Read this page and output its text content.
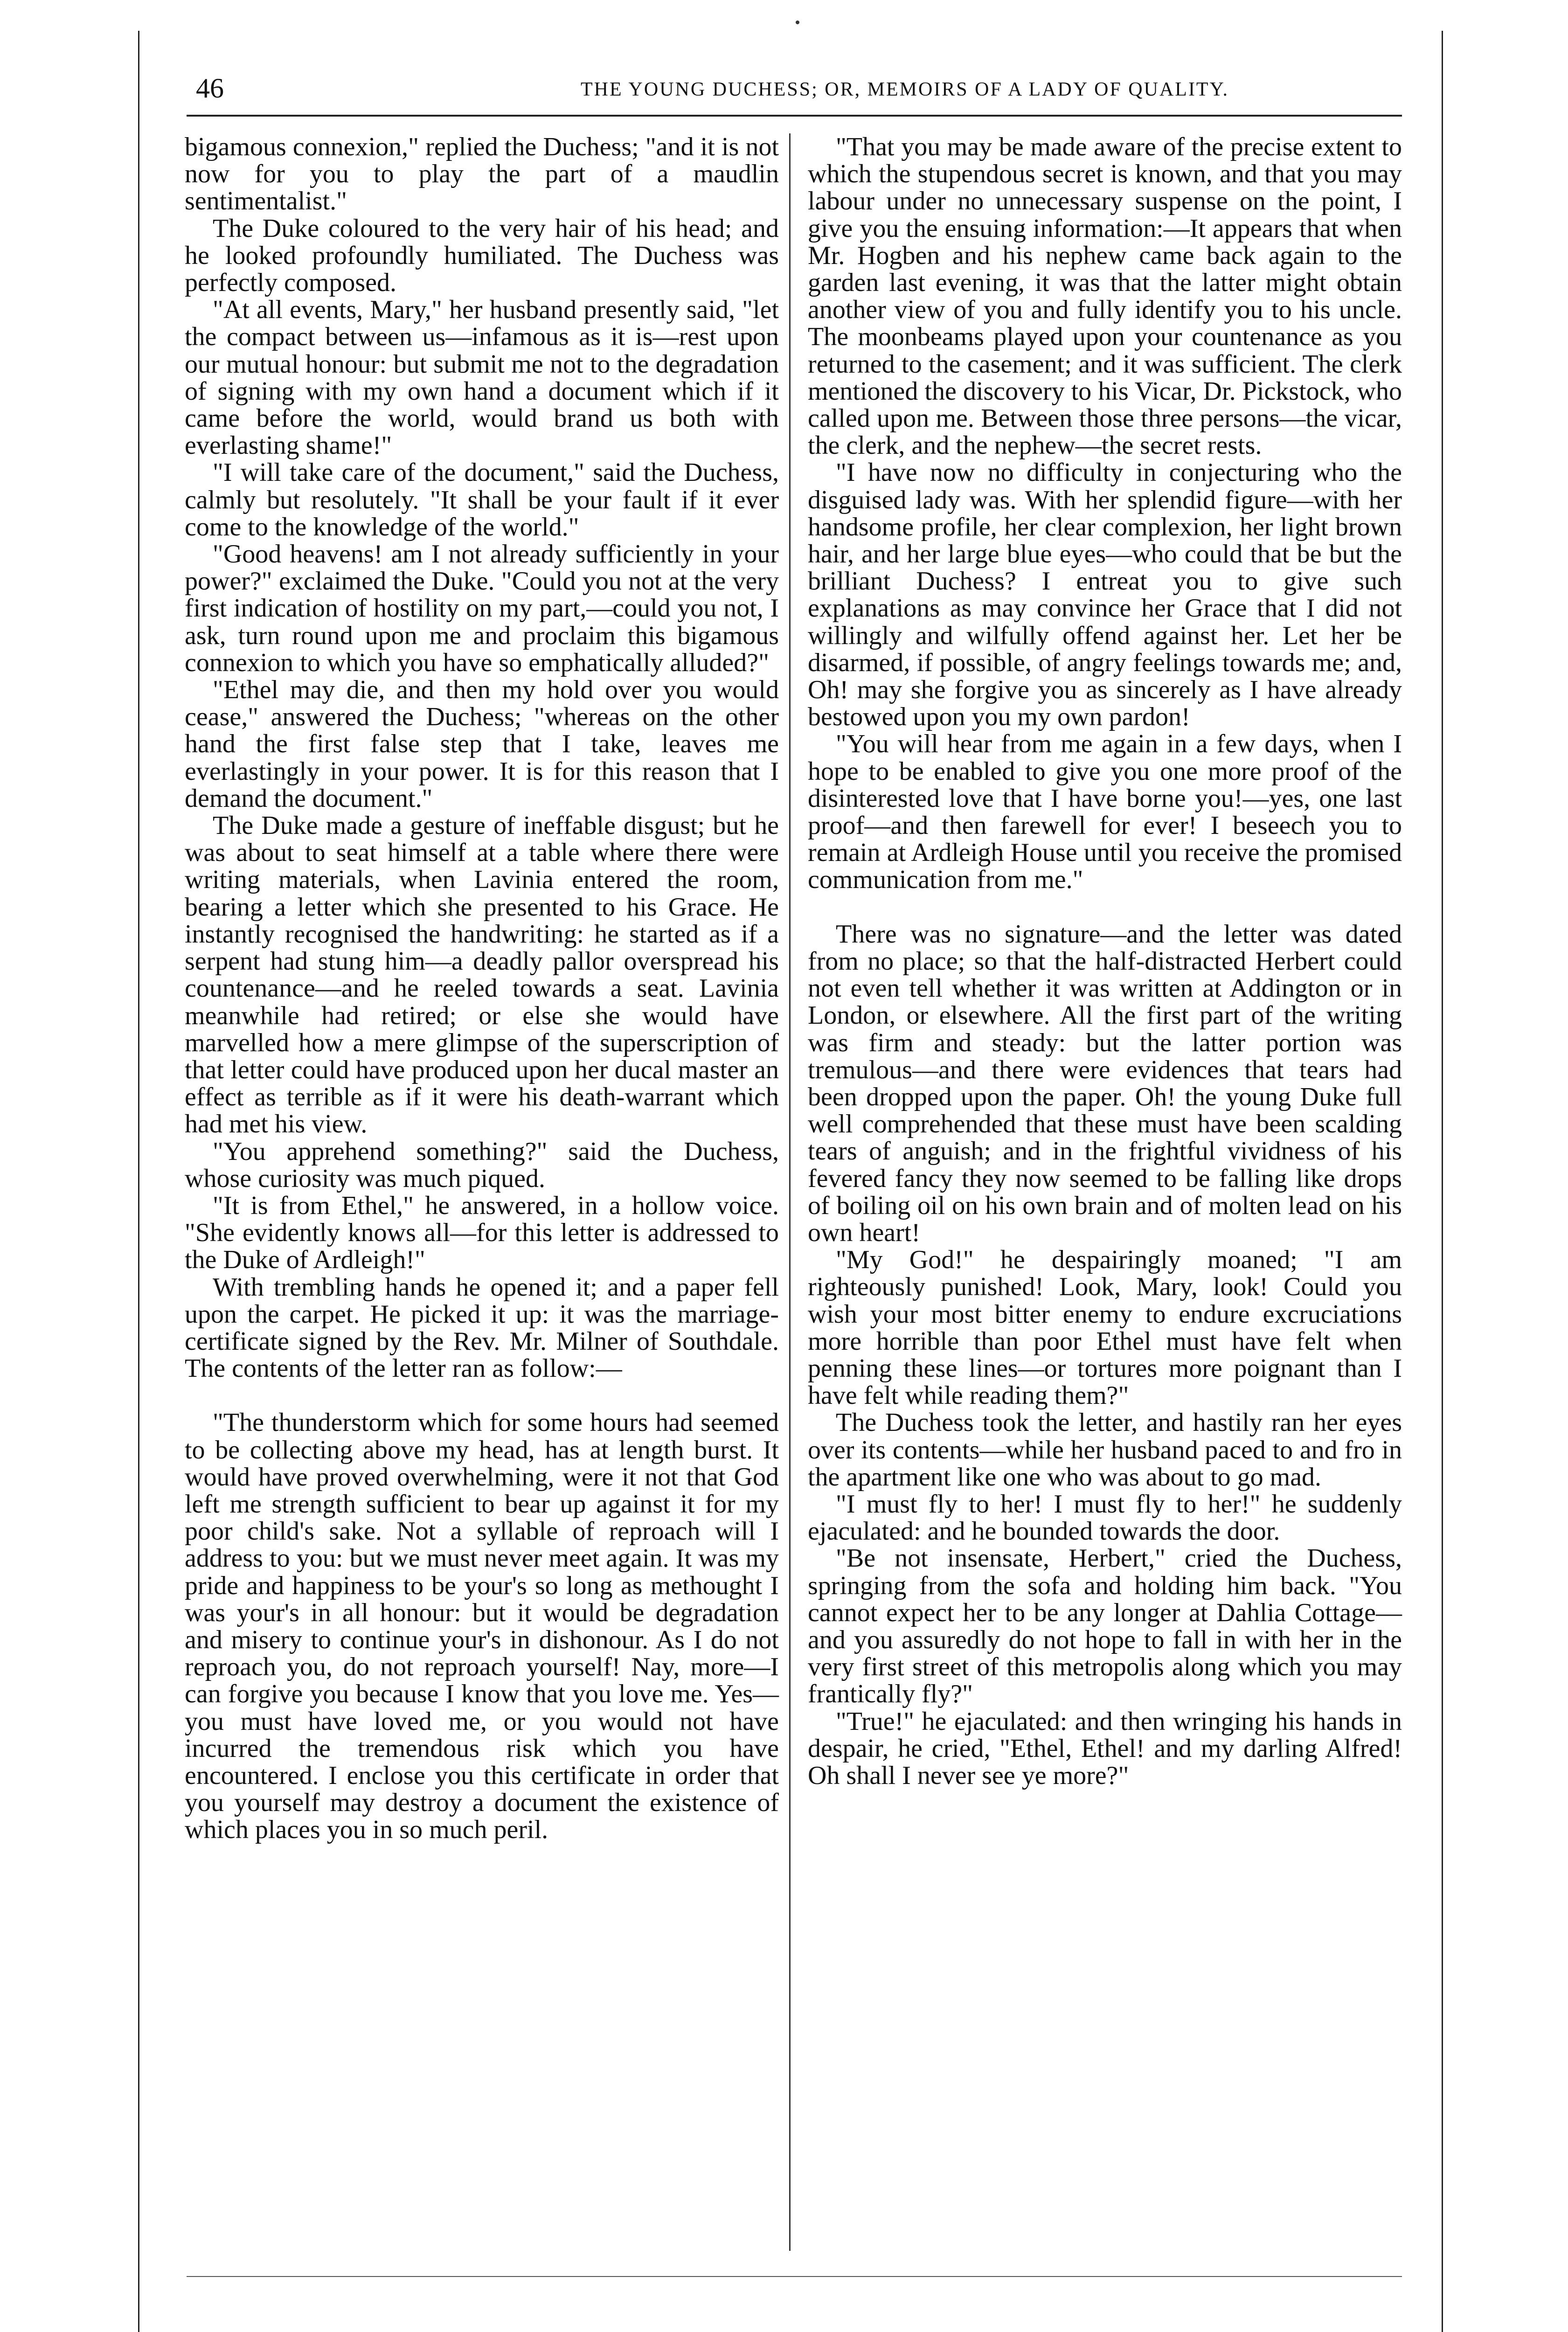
46	THE YOUNG DUCHESS; OR, MEMOIRS OF A LADY OF QUALITY.

bigamous connexion," replied the Duchess; "and it is not now for you to play the part of a maudlin sentimentalist."

The Duke coloured to the very hair of his head; and he looked profoundly humiliated. The Duchess was perfectly composed.

"At all events, Mary," her husband presently said, "let the compact between us—infamous as it is—rest upon our mutual honour: but submit me not to the degradation of signing with my own hand a document which if it came before the world, would brand us both with everlasting shame!"

"I will take care of the document," said the Duchess, calmly but resolutely. "It shall be your fault if it ever come to the knowledge of the world."

"Good heavens! am I not already sufficiently in your power?" exclaimed the Duke. "Could you not at the very first indication of hostility on my part,—could you not, I ask, turn round upon me and proclaim this bigamous connexion to which you have so emphatically alluded?"

"Ethel may die, and then my hold over you would cease," answered the Duchess; "whereas on the other hand the first false step that I take, leaves me everlastingly in your power. It is for this reason that I demand the document."

The Duke made a gesture of ineffable disgust; but he was about to seat himself at a table where there were writing materials, when Lavinia entered the room, bearing a letter which she presented to his Grace. He instantly recognised the handwriting: he started as if a serpent had stung him—a deadly pallor overspread his countenance—and he reeled towards a seat. Lavinia meanwhile had retired; or else she would have marvelled how a mere glimpse of the superscription of that letter could have produced upon her ducal master an effect as terrible as if it were his death-warrant which had met his view.

"You apprehend something?" said the Duchess, whose curiosity was much piqued.

"It is from Ethel," he answered, in a hollow voice. "She evidently knows all—for this letter is addressed to the Duke of Ardleigh!"

With trembling hands he opened it; and a paper fell upon the carpet. He picked it up: it was the marriage-certificate signed by the Rev. Mr. Milner of Southdale. The contents of the letter ran as follow:—

"The thunderstorm which for some hours had seemed to be collecting above my head, has at length burst. It would have proved overwhelming, were it not that God left me strength sufficient to bear up against it for my poor child's sake. Not a syllable of reproach will I address to you: but we must never meet again. It was my pride and happiness to be your's so long as methought I was your's in all honour: but it would be degradation and misery to continue your's in dishonour. As I do not reproach you, do not reproach yourself! Nay, more—I can forgive you because I know that you love me. Yes—you must have loved me, or you would not have incurred the tremendous risk which you have encountered. I enclose you this certificate in order that you yourself may destroy a document the existence of which places you in so much peril.

"That you may be made aware of the precise extent to which the stupendous secret is known, and that you may labour under no unnecessary suspense on the point, I give you the ensuing information:—It appears that when Mr. Hogben and his nephew came back again to the garden last evening, it was that the latter might obtain another view of you and fully identify you to his uncle. The moonbeams played upon your countenance as you returned to the casement; and it was sufficient. The clerk mentioned the discovery to his Vicar, Dr. Pickstock, who called upon me. Between those three persons—the vicar, the clerk, and the nephew—the secret rests.

"I have now no difficulty in conjecturing who the disguised lady was. With her splendid figure—with her handsome profile, her clear complexion, her light brown hair, and her large blue eyes—who could that be but the brilliant Duchess? I entreat you to give such explanations as may convince her Grace that I did not willingly and wilfully offend against her. Let her be disarmed, if possible, of angry feelings towards me; and, Oh! may she forgive you as sincerely as I have already bestowed upon you my own pardon!

"You will hear from me again in a few days, when I hope to be enabled to give you one more proof of the disinterested love that I have borne you!—yes, one last proof—and then farewell for ever! I beseech you to remain at Ardleigh House until you receive the promised communication from me."

There was no signature—and the letter was dated from no place; so that the half-distracted Herbert could not even tell whether it was written at Addington or in London, or elsewhere. All the first part of the writing was firm and steady: but the latter portion was tremulous—and there were evidences that tears had been dropped upon the paper. Oh! the young Duke full well comprehended that these must have been scalding tears of anguish; and in the frightful vividness of his fevered fancy they now seemed to be falling like drops of boiling oil on his own brain and of molten lead on his own heart!

"My God!" he despairingly moaned; "I am righteously punished! Look, Mary, look! Could you wish your most bitter enemy to endure excruciations more horrible than poor Ethel must have felt when penning these lines—or tortures more poignant than I have felt while reading them?"

The Duchess took the letter, and hastily ran her eyes over its contents—while her husband paced to and fro in the apartment like one who was about to go mad.

"I must fly to her! I must fly to her!" he suddenly ejaculated: and he bounded towards the door.

"Be not insensate, Herbert," cried the Duchess, springing from the sofa and holding him back. "You cannot expect her to be any longer at Dahlia Cottage—and you assuredly do not hope to fall in with her in the very first street of this metropolis along which you may frantically fly?"

"True!" he ejaculated: and then wringing his hands in despair, he cried, "Ethel, Ethel! and my darling Alfred! Oh shall I never see ye more?"
